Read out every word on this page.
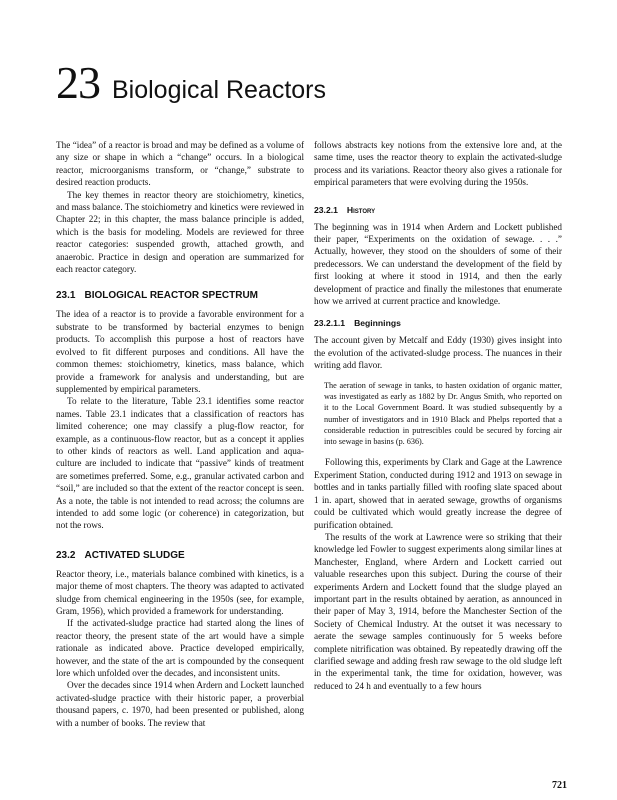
23 Biological Reactors

The “idea” of a reactor is broad and may be defined as a volume of any size or shape in which a “change” occurs. In a biological reactor, microorganisms transform, or “change,” substrate to desired reaction products.

The key themes in reactor theory are stoichiometry, kinetics, and mass balance. The stoichiometry and kinetics were reviewed in Chapter 22; in this chapter, the mass balance principle is added, which is the basis for modeling. Models are reviewed for three reactor categories: suspended growth, attached growth, and anaerobic. Practice in design and operation are summarized for each reactor category.

23.1 BIOLOGICAL REACTOR SPECTRUM

The idea of a reactor is to provide a favorable environment for a substrate to be transformed by bacterial enzymes to benign products. To accomplish this purpose a host of reactors have evolved to fit different purposes and conditions. All have the common themes: stoichiometry, kinetics, mass balance, which provide a framework for analysis and understanding, but are supplemented by empirical parameters.

To relate to the literature, Table 23.1 identifies some reactor names. Table 23.1 indicates that a classification of reactors has limited coherence; one may classify a plug-flow reactor, for example, as a continuous-flow reactor, but as a concept it applies to other kinds of reactors as well. Land application and aqua-culture are included to indicate that “passive” kinds of treatment are sometimes preferred. Some, e.g., granular activated carbon and “soil,” are included so that the extent of the reactor concept is seen. As a note, the table is not intended to read across; the columns are intended to add some logic (or coherence) in categorization, but not the rows.

23.2 ACTIVATED SLUDGE

Reactor theory, i.e., materials balance combined with kinetics, is a major theme of most chapters. The theory was adapted to activated sludge from chemical engineering in the 1950s (see, for example, Gram, 1956), which provided a framework for understanding.

If the activated-sludge practice had started along the lines of reactor theory, the present state of the art would have a simple rationale as indicated above. Practice developed empirically, however, and the state of the art is compounded by the consequent lore which unfolded over the decades, and inconsistent units.

Over the decades since 1914 when Ardern and Lockett launched activated-sludge practice with their historic paper, a proverbial thousand papers, c. 1970, had been presented or published, along with a number of books. The review that

follows abstracts key notions from the extensive lore and, at the same time, uses the reactor theory to explain the activated-sludge process and its variations. Reactor theory also gives a rationale for empirical parameters that were evolving during the 1950s.

23.2.1 History

The beginning was in 1914 when Ardern and Lockett published their paper, “Experiments on the oxidation of sewage. . . .” Actually, however, they stood on the shoulders of some of their predecessors. We can understand the development of the field by first looking at where it stood in 1914, and then the early development of practice and finally the milestones that enumerate how we arrived at current practice and knowledge.

23.2.1.1 Beginnings

The account given by Metcalf and Eddy (1930) gives insight into the evolution of the activated-sludge process. The nuances in their writing add flavor.

The aeration of sewage in tanks, to hasten oxidation of organic matter, was investigated as early as 1882 by Dr. Angus Smith, who reported on it to the Local Government Board. It was studied subsequently by a number of investigators and in 1910 Black and Phelps reported that a considerable reduction in putrescibles could be secured by forcing air into sewage in basins (p. 636).

Following this, experiments by Clark and Gage at the Lawrence Experiment Station, conducted during 1912 and 1913 on sewage in bottles and in tanks partially filled with roofing slate spaced about 1 in. apart, showed that in aerated sewage, growths of organisms could be cultivated which would greatly increase the degree of purification obtained.

The results of the work at Lawrence were so striking that their knowledge led Fowler to suggest experiments along similar lines at Manchester, England, where Ardern and Lockett carried out valuable researches upon this subject. During the course of their experiments Ardern and Lockett found that the sludge played an important part in the results obtained by aeration, as announced in their paper of May 3, 1914, before the Manchester Section of the Society of Chemical Industry. At the outset it was necessary to aerate the sewage samples continuously for 5 weeks before complete nitrification was obtained. By repeatedly drawing off the clarified sewage and adding fresh raw sewage to the old sludge left in the experimental tank, the time for oxidation, however, was reduced to 24 h and eventually to a few hours

721
